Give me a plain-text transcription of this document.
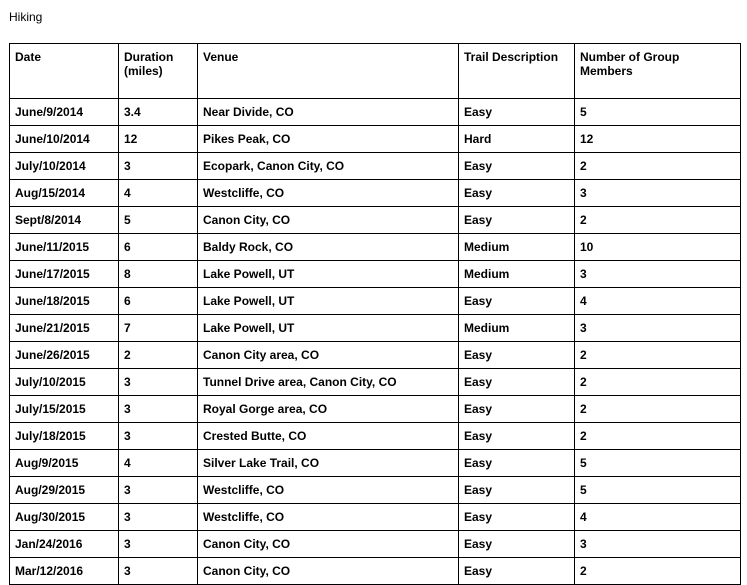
Hiking
Date	Duration (miles)	Venue	Trail Description	Number of Group Members
June/9/2014	3.4	Near Divide, CO	Easy	5
June/10/2014	12	Pikes Peak, CO	Hard	12
July/10/2014	3	Ecopark, Canon City, CO	Easy	2
Aug/15/2014	4	Westcliffe, CO	Easy	3
Sept/8/2014	5	Canon City, CO	Easy	2
June/11/2015	6	Baldy Rock, CO	Medium	10
June/17/2015	8	Lake Powell, UT	Medium	3
June/18/2015	6	Lake Powell, UT	Easy	4
June/21/2015	7	Lake Powell, UT	Medium	3
June/26/2015	2	Canon City area, CO	Easy	2
July/10/2015	3	Tunnel Drive area, Canon City, CO	Easy	2
July/15/2015	3	Royal Gorge area, CO	Easy	2
July/18/2015	3	Crested Butte, CO	Easy	2
Aug/9/2015	4	Silver Lake Trail, CO	Easy	5
Aug/29/2015	3	Westcliffe, CO	Easy	5
Aug/30/2015	3	Westcliffe, CO	Easy	4
Jan/24/2016	3	Canon City, CO	Easy	3
Mar/12/2016	3	Canon City, CO	Easy	2
